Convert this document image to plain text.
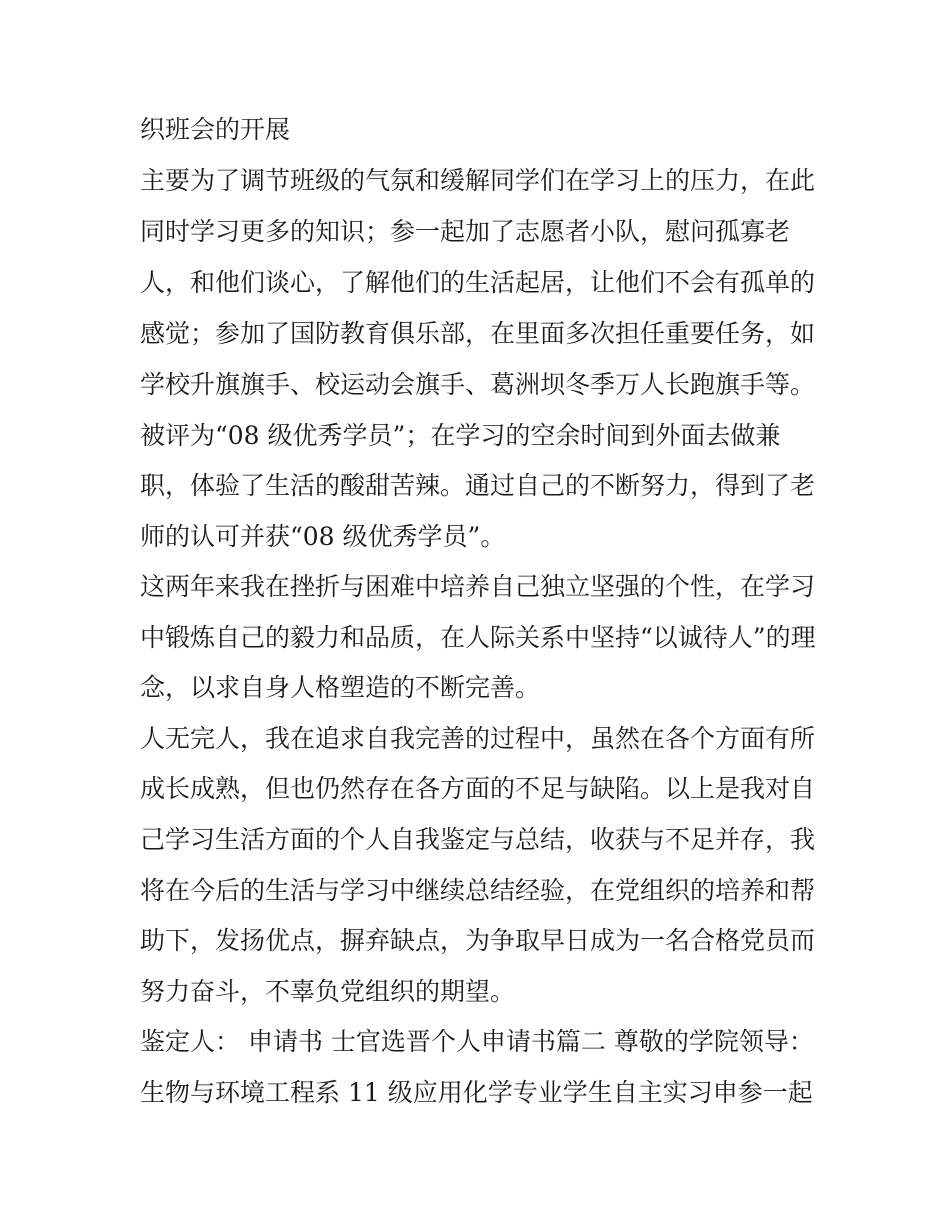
织班会的开展

主要为了调节班级的气氛和缓解同学们在学习上的压力，在此

同时学习更多的知识；参一起加了志愿者小队，慰问孤寡老

人，和他们谈心，了解他们的生活起居，让他们不会有孤单的

感觉；参加了国防教育俱乐部，在里面多次担任重要任务，如

学校升旗旗手、校运动会旗手、葛洲坝冬季万人长跑旗手等。

被评为“08 级优秀学员”；在学习的空余时间到外面去做兼

职，体验了生活的酸甜苦辣。通过自己的不断努力，得到了老

师的认可并获“08 级优秀学员”。

这两年来我在挫折与困难中培养自己独立坚强的个性，在学习

中锻炼自己的毅力和品质，在人际关系中坚持“以诚待人”的理

念，以求自身人格塑造的不断完善。

人无完人，我在追求自我完善的过程中，虽然在各个方面有所

成长成熟，但也仍然存在各方面的不足与缺陷。以上是我对自

己学习生活方面的个人自我鉴定与总结，收获与不足并存，我

将在今后的生活与学习中继续总结经验，在党组织的培养和帮

助下，发扬优点，摒弃缺点，为争取早日成为一名合格党员而

努力奋斗，不辜负党组织的期望。

鉴定人： 申请书 士官选晋个人申请书篇二 尊敬的学院领导：

生物与环境工程系 11 级应用化学专业学生自主实习申参一起
